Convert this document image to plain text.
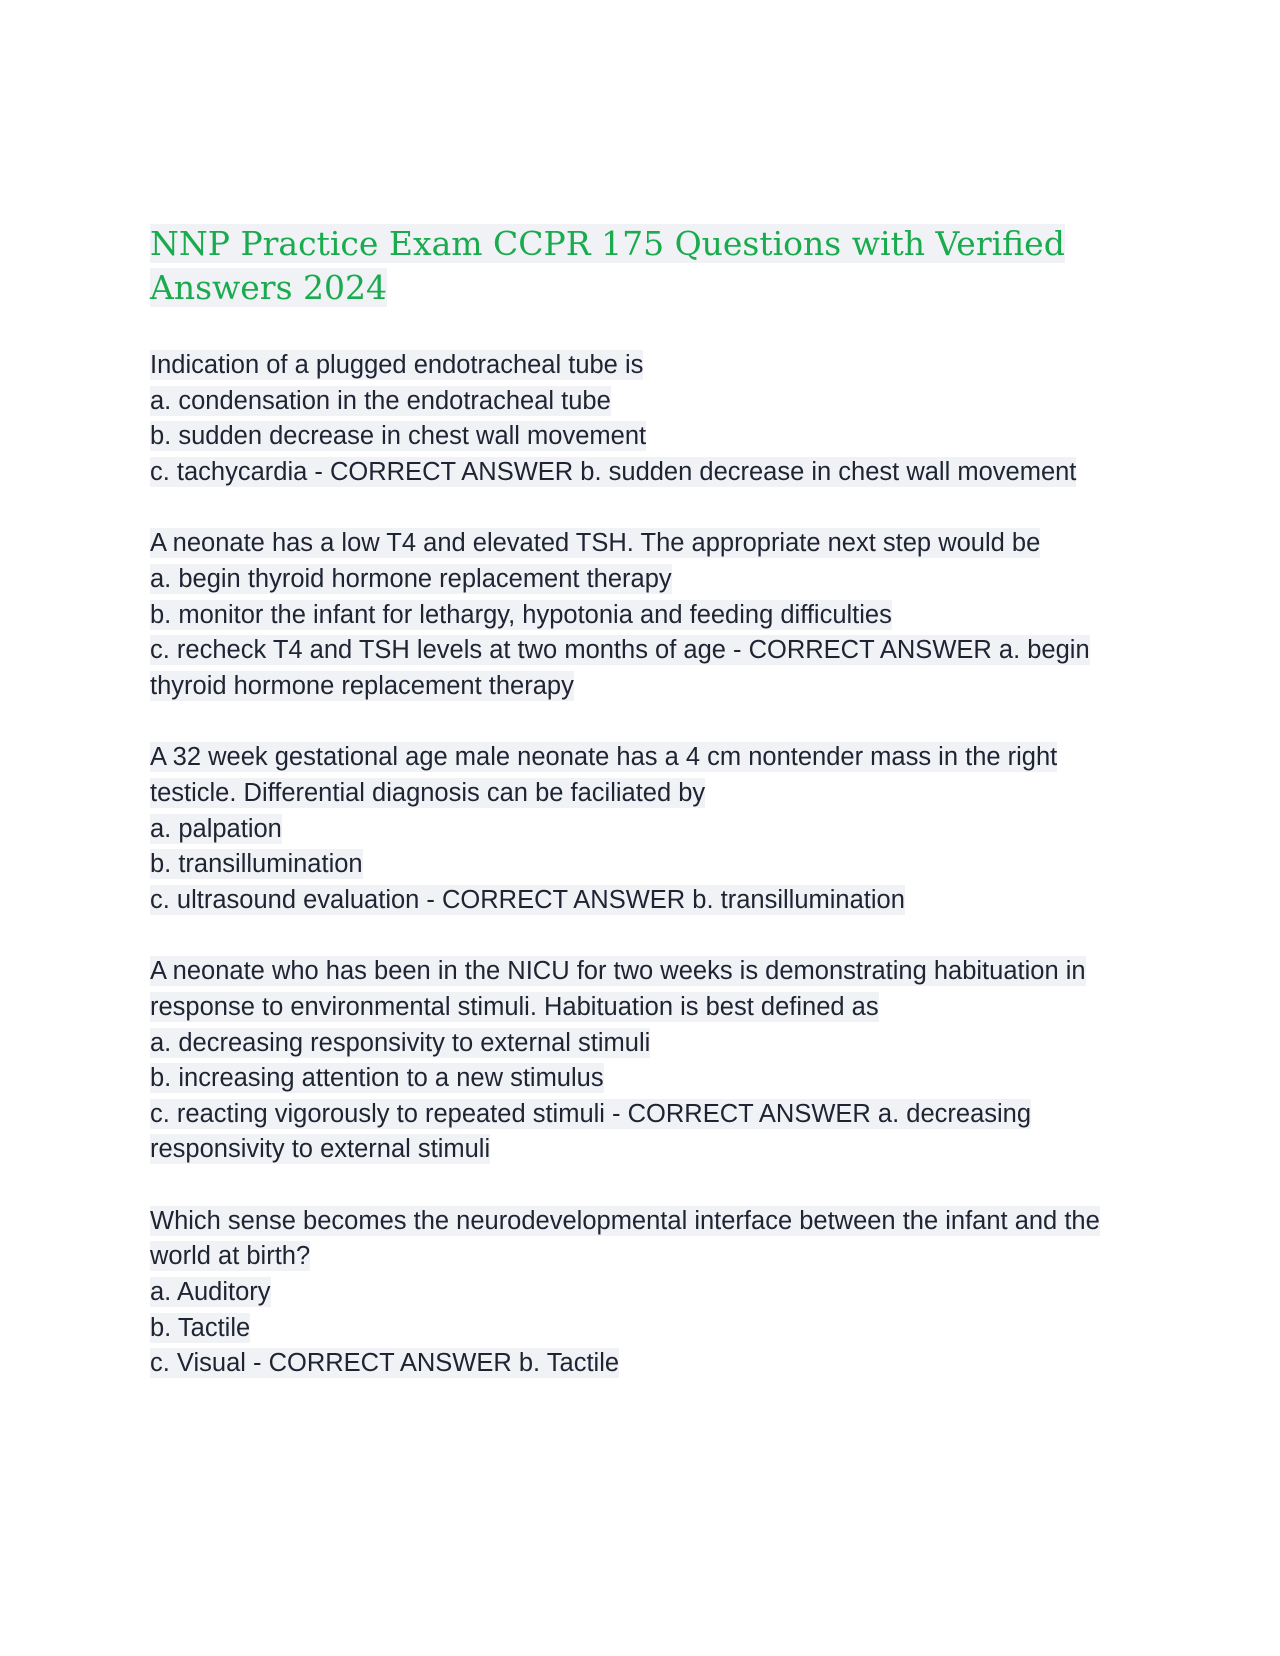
NNP Practice Exam CCPR 175 Questions with Verified Answers 2024
Indication of a plugged endotracheal tube is
a. condensation in the endotracheal tube
b. sudden decrease in chest wall movement
c. tachycardia - CORRECT ANSWER b. sudden decrease in chest wall movement
A neonate has a low T4 and elevated TSH. The appropriate next step would be
a. begin thyroid hormone replacement therapy
b. monitor the infant for lethargy, hypotonia and feeding difficulties
c. recheck T4 and TSH levels at two months of age - CORRECT ANSWER a. begin thyroid hormone replacement therapy
A 32 week gestational age male neonate has a 4 cm nontender mass in the right testicle. Differential diagnosis can be faciliated by
a. palpation
b. transillumination
c. ultrasound evaluation - CORRECT ANSWER b. transillumination
A neonate who has been in the NICU for two weeks is demonstrating habituation in response to environmental stimuli. Habituation is best defined as
a. decreasing responsivity to external stimuli
b. increasing attention to a new stimulus
c. reacting vigorously to repeated stimuli - CORRECT ANSWER a. decreasing responsivity to external stimuli
Which sense becomes the neurodevelopmental interface between the infant and the world at birth?
a. Auditory
b. Tactile
c. Visual - CORRECT ANSWER b. Tactile
